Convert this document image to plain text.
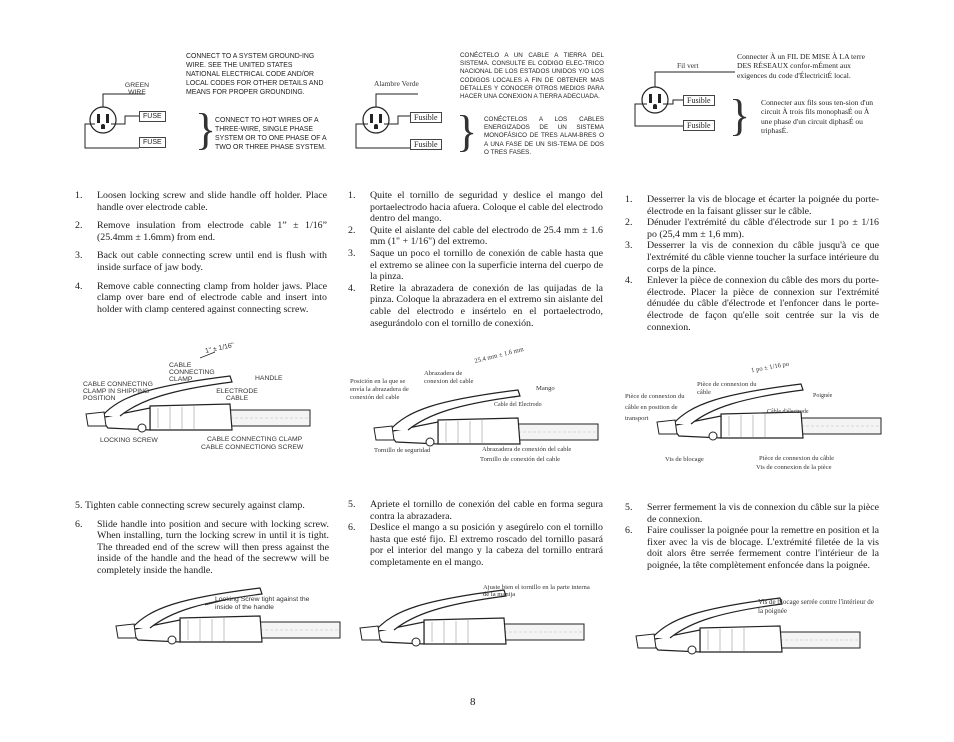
GREEN WIRE
FUSE
FUSE }
CONNECT TO A SYSTEM GROUND-ING WIRE. SEE THE UNITED STATES NATIONAL ELECTRICAL CODE AND/OR LOCAL CODES FOR OTHER DETAILS AND MEANS FOR PROPER GROUNDING.
CONNECT TO HOT WIRES OF A THREE-WIRE, SINGLE PHASE SYSTEM OR TO ONE PHASE OF A TWO OR THREE PHASE SYSTEM.
1.	Loosen locking screw and slide handle off holder. Place handle over electrode cable.
2.	Remove insulation from electrode cable 1” ± 1/16” (25.4mm ± 1.6mm) from end.
3.	Back out cable connecting screw until end is flush with inside surface of jaw body.
4.	Remove cable connecting clamp from holder jaws. Place clamp over bare end of electrode cable and insert into holder with clamp centered against connecting screw.
1" ± 1/16"
CABLE CONNECTING CLAMP	HANDLE
CABLE CONNECTING CLAMP IN SHIPPING POSITION
ELECTRODE CABLE
LOCKING SCREW	CABLE CONNECTING CLAMP
CABLE CONNECTIONG SCREW
5. Tighten cable connecting screw securely against clamp.
6.	Slide handle into position and secure with locking screw. When installing, turn the locking screw in until it is tight. The threaded end of the screw will then press against the inside of the handle and the head of the secreww will be completely inside the handle.
Looking Screw tight against the inside of the handle
Alambre Verde
Fusible
Fusible }
CONÉCTELO A UN CABLE A TIERRA DEL SISTEMA. CONSULTE EL CODIGO ELEC-TRICO NACIONAL DE LOS ESTADOS UNIDOS Y/O LOS CODIGOS LOCALES A FIN DE OBTENER MAS DETALLES Y CONOCER OTROS MEDIOS PARA HACER UNA CONEXION A TIERRA ADECUADA.
CONÉCTELOS A LOS CABLES ENERGIZADOS DE UN SISTEMA MONOFÁSICO DE TRES ALAM-BRES O A UNA FASE DE UN SIS-TEMA DE DOS O TRES FASES.
1.	Quite el tornillo de seguridad y deslice el mango del portaelectrodo hacia afuera. Coloque el cable del electrodo dentro del mango.
2.	Quite el aislante del cable del electrodo de 25.4 mm ± 1.6 mm (1" + 1/16") del extremo.
3.	Saque un poco el tornillo de conexión de cable hasta que el extremo se alinee con la superficie interna del cuerpo de la pinza.
4.	Retire la abrazadera de conexión de las quijadas de la pinza. Coloque la abrazadera en el extremo sin aislante del cable del electrodo e insértelo en el portaelectrodo, asegurándolo con el tornillo de conexión.
25.4 mm ± 1.6 mm
Abrazadera de conexion del cable
Mango
Posición en la que se envía la abrazadera de conexión del cable
Cable del Electrodo
Tornillo de seguridad	Abrazadera de conexión del cable
Tornillo de conexión del cable
5.	Apriete el tornillo de conexión del cable en forma segura contra la abrazadera.
6.	Deslice el mango a su posición y asegúrelo con el tornillo hasta que esté fijo. El extremo roscado del tornillo pasará por el interior del mango y la cabeza del tornillo entrará completamente en el mango.
Ajuste bien el tornillo en la parte interna de la manija
Fil vert
Fusible
Fusible }
Connecter À un FIL DE MISE À LA terre DES RÉSEAUX confor-mÉment aux exigences du code d'ÉlectricitÉ local.
Connecter aux fils sous ten-sion d'un circuit À trois fils monophasÉ ou À une phase d'un circuit diphasÉ ou triphasÉ.
1.	Desserrer la vis de blocage et écarter la poignée du porte-électrode en la faisant glisser sur le câble.
2.	Dénuder l'extrémité du câble d'électrode sur 1 po ± 1/16 po (25,4 mm ± 1,6 mm).
3.	Desserrer la vis de connexion du câble jusqu'à ce que l'extrémité du câble vienne toucher la surface intérieure du corps de la pince.
4.	Enlever la pièce de connexion du câble des mors du porte-électrode. Placer la pièce de connexion sur l'extrémité dénudée du câble d'électrode et l'enfoncer dans le porte-électrode de façon qu'elle soit centrée sur la vis de connexion.
1 po ± 1/16 po
Pièce de connexion du câble	Poignée
Pièce de connexion du câble en position de transport
Câble d'électrode
Vis de blocage	Pièce de connexion du câble
Vis de connexion de la pièce
5.	Serrer fermement la vis de connexion du câble sur la pièce de connexion.
6.	Faire coulisser la poignée pour la remettre en position et la fixer avec la vis de blocage. L'extrémité filetée de la vis doit alors être serrée fermement contre l'intérieur de la poignée, la tête complètement enfoncée dans la poignée.
Vis de blocage serrée contre l'intérieur de la poignée
8
